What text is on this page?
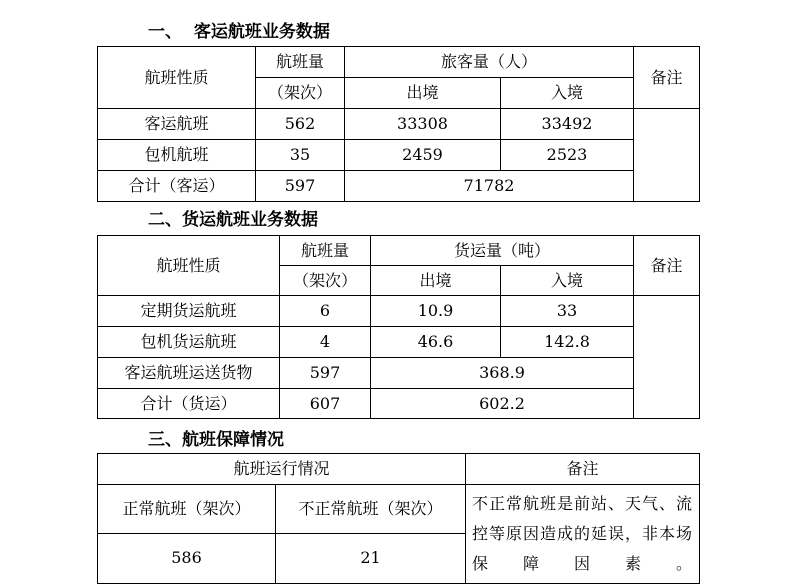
一、  客运航班业务数据
航班性质	航班量	旅客量（人）		备注
	（架次）	出境	入境	
客运航班	562	33308	33492	
包机航班	35	2459	2523	
合计（客运）	597	71782		
二、货运航班业务数据
航班性质	航班量	货运量（吨）		备注
	（架次）	出境	入境	
定期货运航班	6	10.9	33	
包机货运航班	4	46.6	142.8	
客运航班运送货物	597	368.9		
合计（货运）	607	602.2		
三、航班保障情况
航班运行情况		备注
正常航班（架次）	不正常航班（架次）	不正常航班是前站、天气、流控等原因造成的延误，非本场保障因素。
586	21	
